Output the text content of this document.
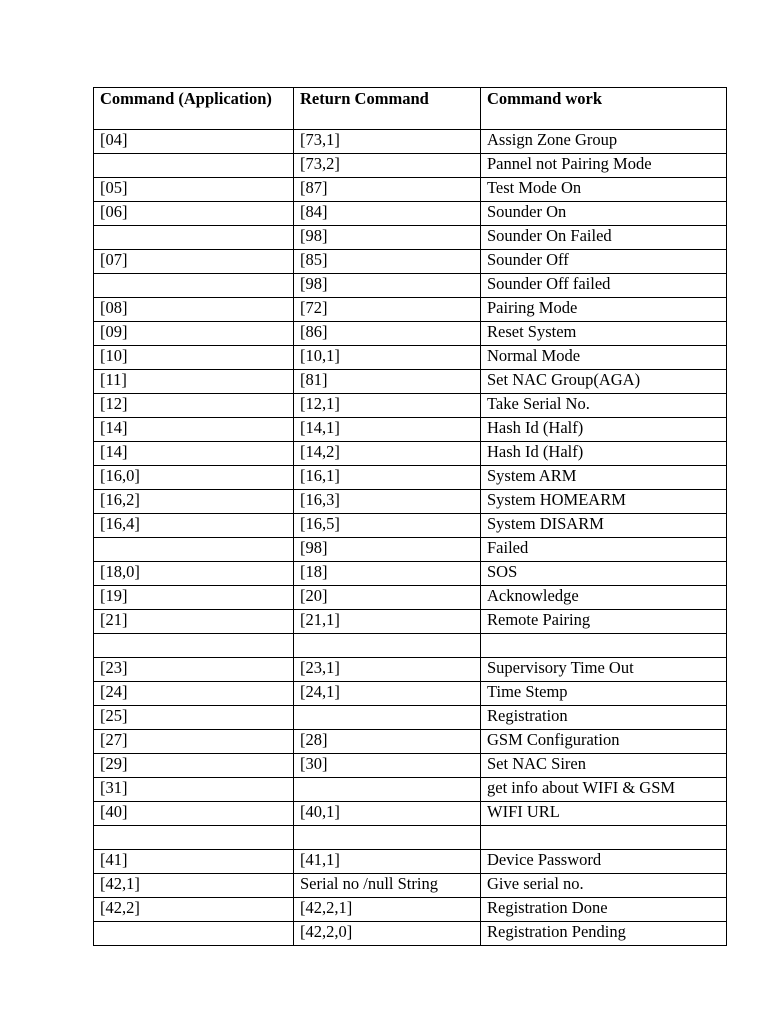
Command (Application)	Return Command	Command work
[04]	[73,1]	Assign Zone Group
	[73,2]	Pannel not Pairing Mode
[05]	[87]	Test Mode On
[06]	[84]	Sounder On
	[98]	Sounder On Failed
[07]	[85]	Sounder Off
	[98]	Sounder Off failed
[08]	[72]	Pairing Mode
[09]	[86]	Reset System
[10]	[10,1]	Normal Mode
[11]	[81]	Set NAC Group(AGA)
[12]	[12,1]	Take Serial No.
[14]	[14,1]	Hash Id (Half)
[14]	[14,2]	Hash Id (Half)
[16,0]	[16,1]	System ARM
[16,2]	[16,3]	System HOMEARM
[16,4]	[16,5]	System DISARM
	[98]	Failed
[18,0]	[18]	SOS
[19]	[20]	Acknowledge
[21]	[21,1]	Remote Pairing

[23]	[23,1]	Supervisory Time Out
[24]	[24,1]	Time Stemp
[25]		Registration
[27]	[28]	GSM Configuration
[29]	[30]	Set NAC Siren
[31]		get info about WIFI & GSM
[40]	[40,1]	WIFI URL

[41]	[41,1]	Device Password
[42,1]	Serial no /null String	Give serial no.
[42,2]	[42,2,1]	Registration Done
	[42,2,0]	Registration Pending
